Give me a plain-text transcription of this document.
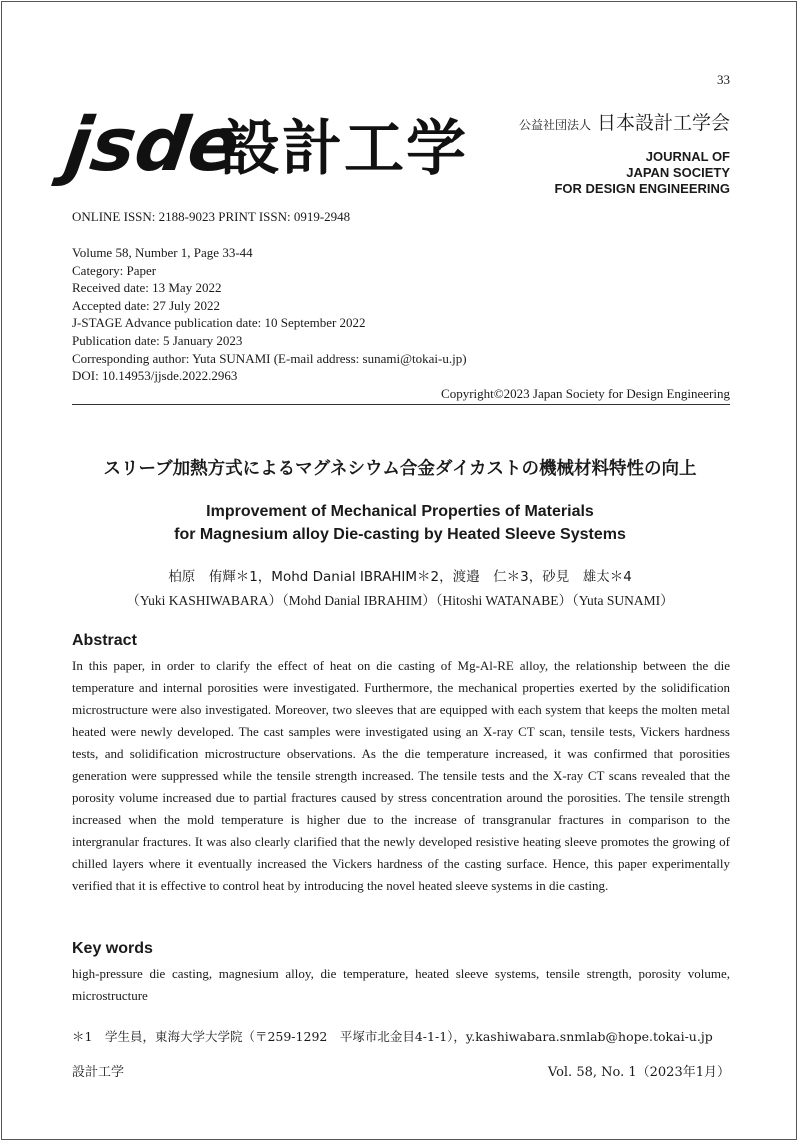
33
jsde
設計工学	公益社団法人 日本設計工学会
JOURNAL OF
JAPAN SOCIETY
FOR DESIGN ENGINEERING
ONLINE ISSN: 2188-9023 PRINT ISSN: 0919-2948
Volume 58, Number 1, Page 33-44
Category: Paper
Received date: 13 May 2022
Accepted date: 27 July 2022
J-STAGE Advance publication date: 10 September 2022
Publication date: 5 January 2023
Corresponding author: Yuta SUNAMI (E-mail address: sunami@tokai-u.jp)
DOI: 10.14953/jjsde.2022.2963
Copyright©2023 Japan Society for Design Engineering
スリーブ加熱方式によるマグネシウム合金ダイカストの機械材料特性の向上
Improvement of Mechanical Properties of Materials
for Magnesium alloy Die-casting by Heated Sleeve Systems
柏原　侑輝＊1，Mohd Danial IBRAHIM＊2，渡邉　仁＊3，砂見　雄太＊4
（Yuki KASHIWABARA）（Mohd Danial IBRAHIM）（Hitoshi WATANABE）（Yuta SUNAMI）
Abstract
In this paper, in order to clarify the effect of heat on die casting of Mg-Al-RE alloy, the relationship between the die temperature and internal porosities were investigated. Furthermore, the mechanical properties exerted by the solidification microstructure were also investigated. Moreover, two sleeves that are equipped with each system that keeps the molten metal heated were newly developed. The cast samples were investigated using an X-ray CT scan, tensile tests, Vickers hardness tests, and solidification microstructure observations. As the die temperature increased, it was confirmed that porosities generation were suppressed while the tensile strength increased. The tensile tests and the X-ray CT scans revealed that the porosity volume increased due to partial fractures caused by stress concentration around the porosities. The tensile strength increased when the mold temperature is higher due to the increase of transgranular fractures in comparison to the intergranular fractures. It was also clearly clarified that the newly developed resistive heating sleeve promotes the growing of chilled layers where it eventually increased the Vickers hardness of the casting surface. Hence, this paper experimentally verified that it is effective to control heat by introducing the novel heated sleeve systems in die casting.
Key words
high-pressure die casting, magnesium alloy, die temperature, heated sleeve systems, tensile strength, porosity volume, microstructure
＊1　学生員，東海大学大学院（〒259-1292　平塚市北金目4-1-1），y.kashiwabara.snmlab@hope.tokai-u.jp
設計工学	Vol. 58, No. 1（2023年1月）
